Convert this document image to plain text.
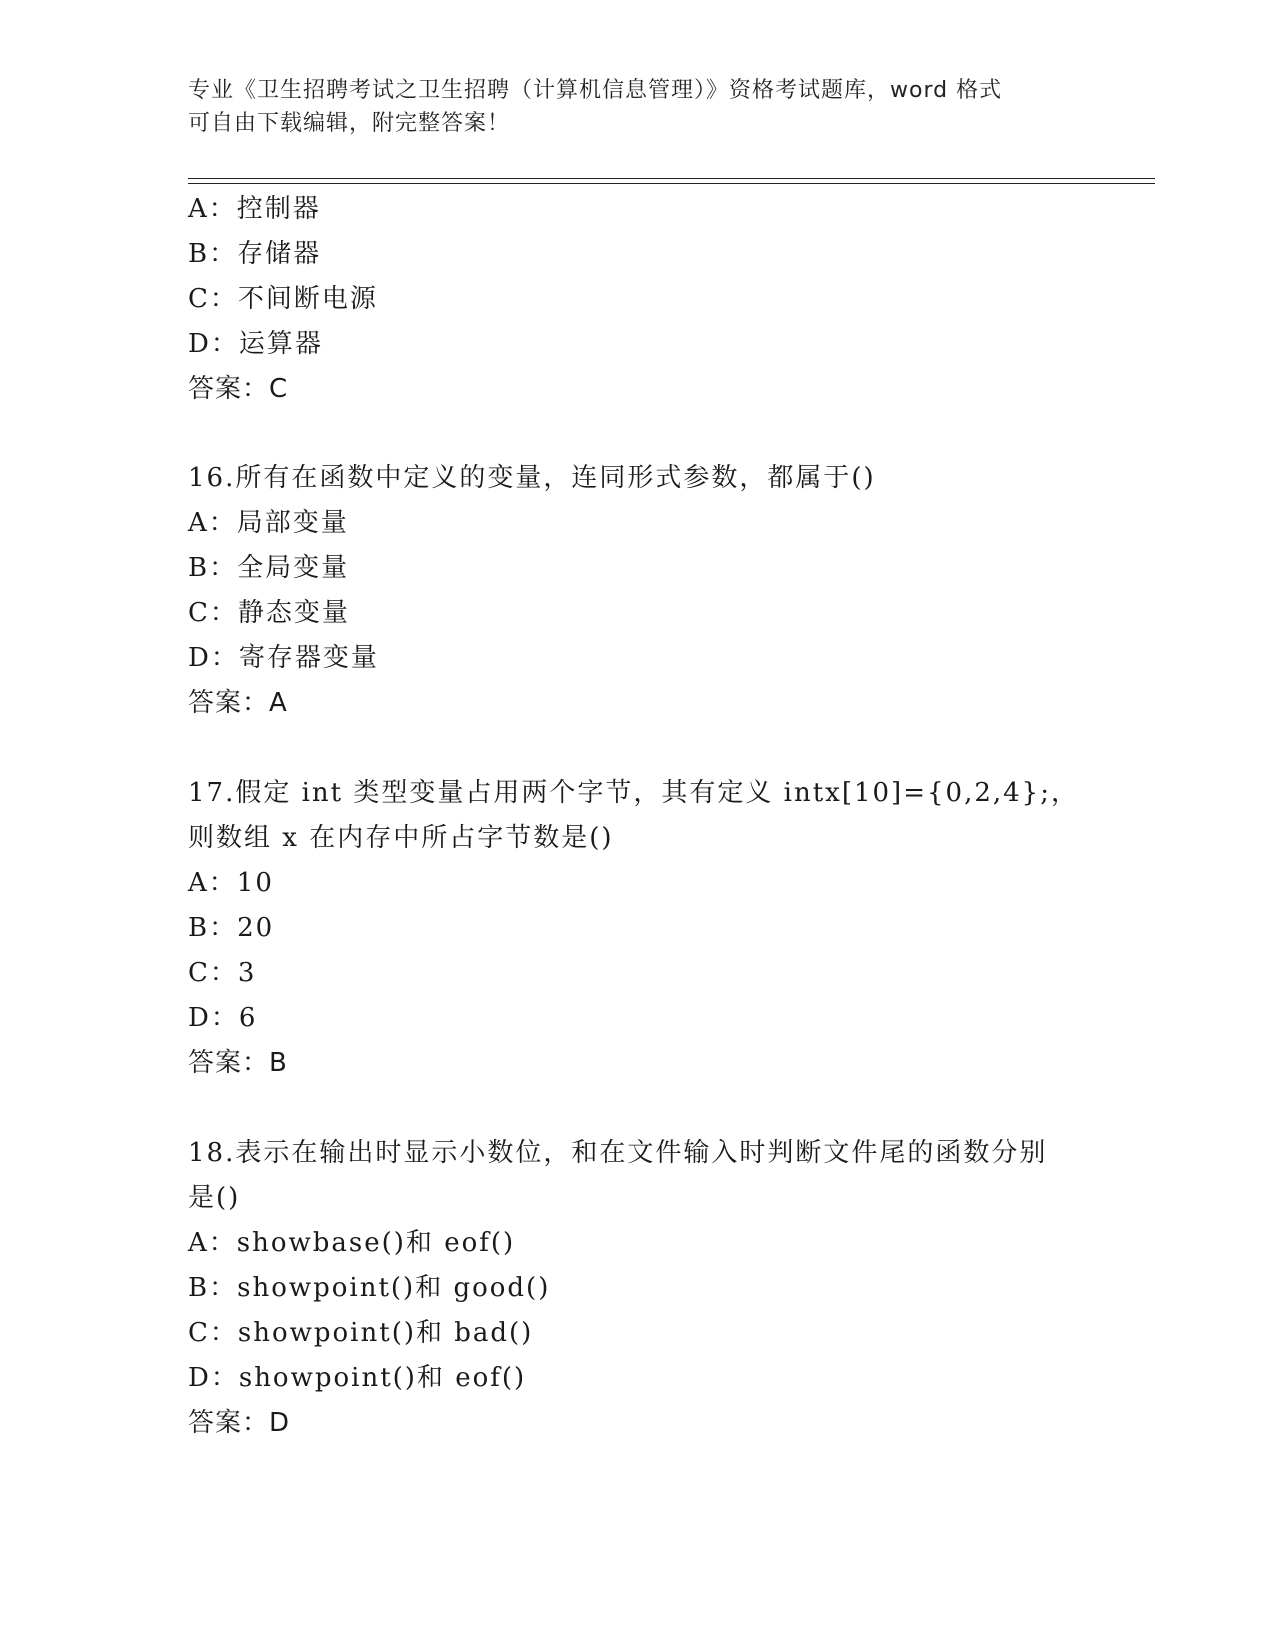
专业《卫生招聘考试之卫生招聘（计算机信息管理）》资格考试题库，word 格式
可自由下载编辑，附完整答案！
A：控制器
B：存储器
C：不间断电源
D：运算器
答案：C
16.所有在函数中定义的变量，连同形式参数，都属于()
A：局部变量
B：全局变量
C：静态变量
D：寄存器变量
答案：A
17.假定 int 类型变量占用两个字节，其有定义 intx[10]={0,2,4};，
则数组 x 在内存中所占字节数是()
A：10
B：20
C：3
D：6
答案：B
18.表示在输出时显示小数位，和在文件输入时判断文件尾的函数分别
是()
A：showbase()和 eof()
B：showpoint()和 good()
C：showpoint()和 bad()
D：showpoint()和 eof()
答案：D
